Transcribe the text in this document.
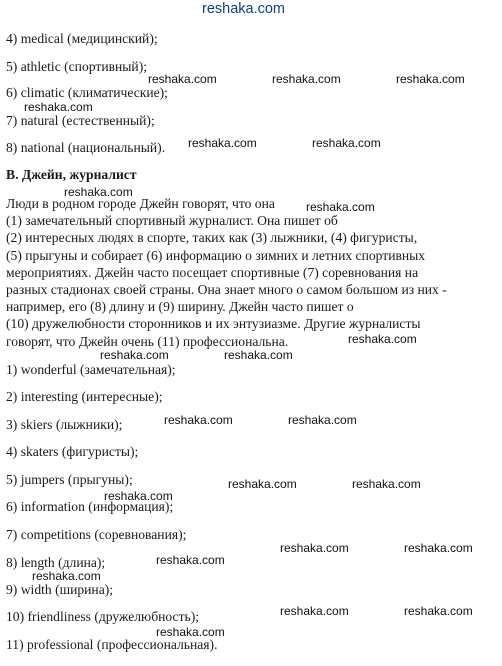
reshaka.com
4) medical (медицинский);
5) athletic (спортивный);
6) climatic (климатические);
7) natural (естественный);
8) national (национальный).
B. Джейн, журналист
Люди в родном городе Джейн говорят, что она
(1) замечательный спортивный журналист. Она пишет об
(2) интересных людях в спорте, таких как (3) лыжники, (4) фигуристы,
(5) прыгуны и собирает (6) информацию о зимних и летних спортивных
мероприятиях. Джейн часто посещает спортивные (7) соревнования на
разных стадионах своей страны. Она знает много о самом большом из них -
например, его (8) длину и (9) ширину. Джейн часто пишет о
(10) дружелюбности сторонников и их энтузиазме. Другие журналисты
говорят, что Джейн очень (11) профессиональна.
1) wonderful (замечательная);
2) interesting (интересные);
3) skiers (лыжники);
4) skaters (фигуристы);
5) jumpers (прыгуны);
6) information (информация);
7) competitions (соревнования);
8) length (длина);
9) width (ширина);
10) friendliness (дружелюбность);
11) professional (профессиональная).
reshaka.com	reshaka.com	reshaka.com
reshaka.com
reshaka.com	reshaka.com
reshaka.com
reshaka.com
reshaka.com
reshaka.com	reshaka.com
reshaka.com	reshaka.com
reshaka.com	reshaka.com
reshaka.com
reshaka.com	reshaka.com
reshaka.com
reshaka.com
reshaka.com	reshaka.com
reshaka.com
